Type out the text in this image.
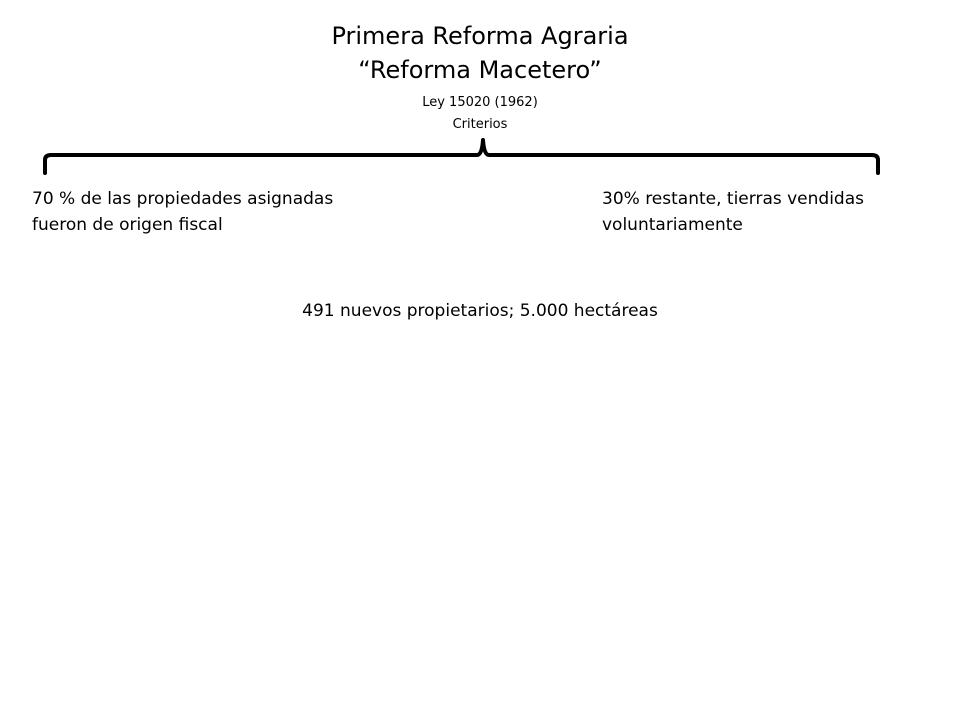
Primera Reforma Agraria
“Reforma Macetero”
Ley 15020 (1962)
Criterios
70 % de las propiedades asignadas
fueron de origen fiscal
30% restante, tierras vendidas
voluntariamente
491 nuevos propietarios; 5.000 hectáreas
